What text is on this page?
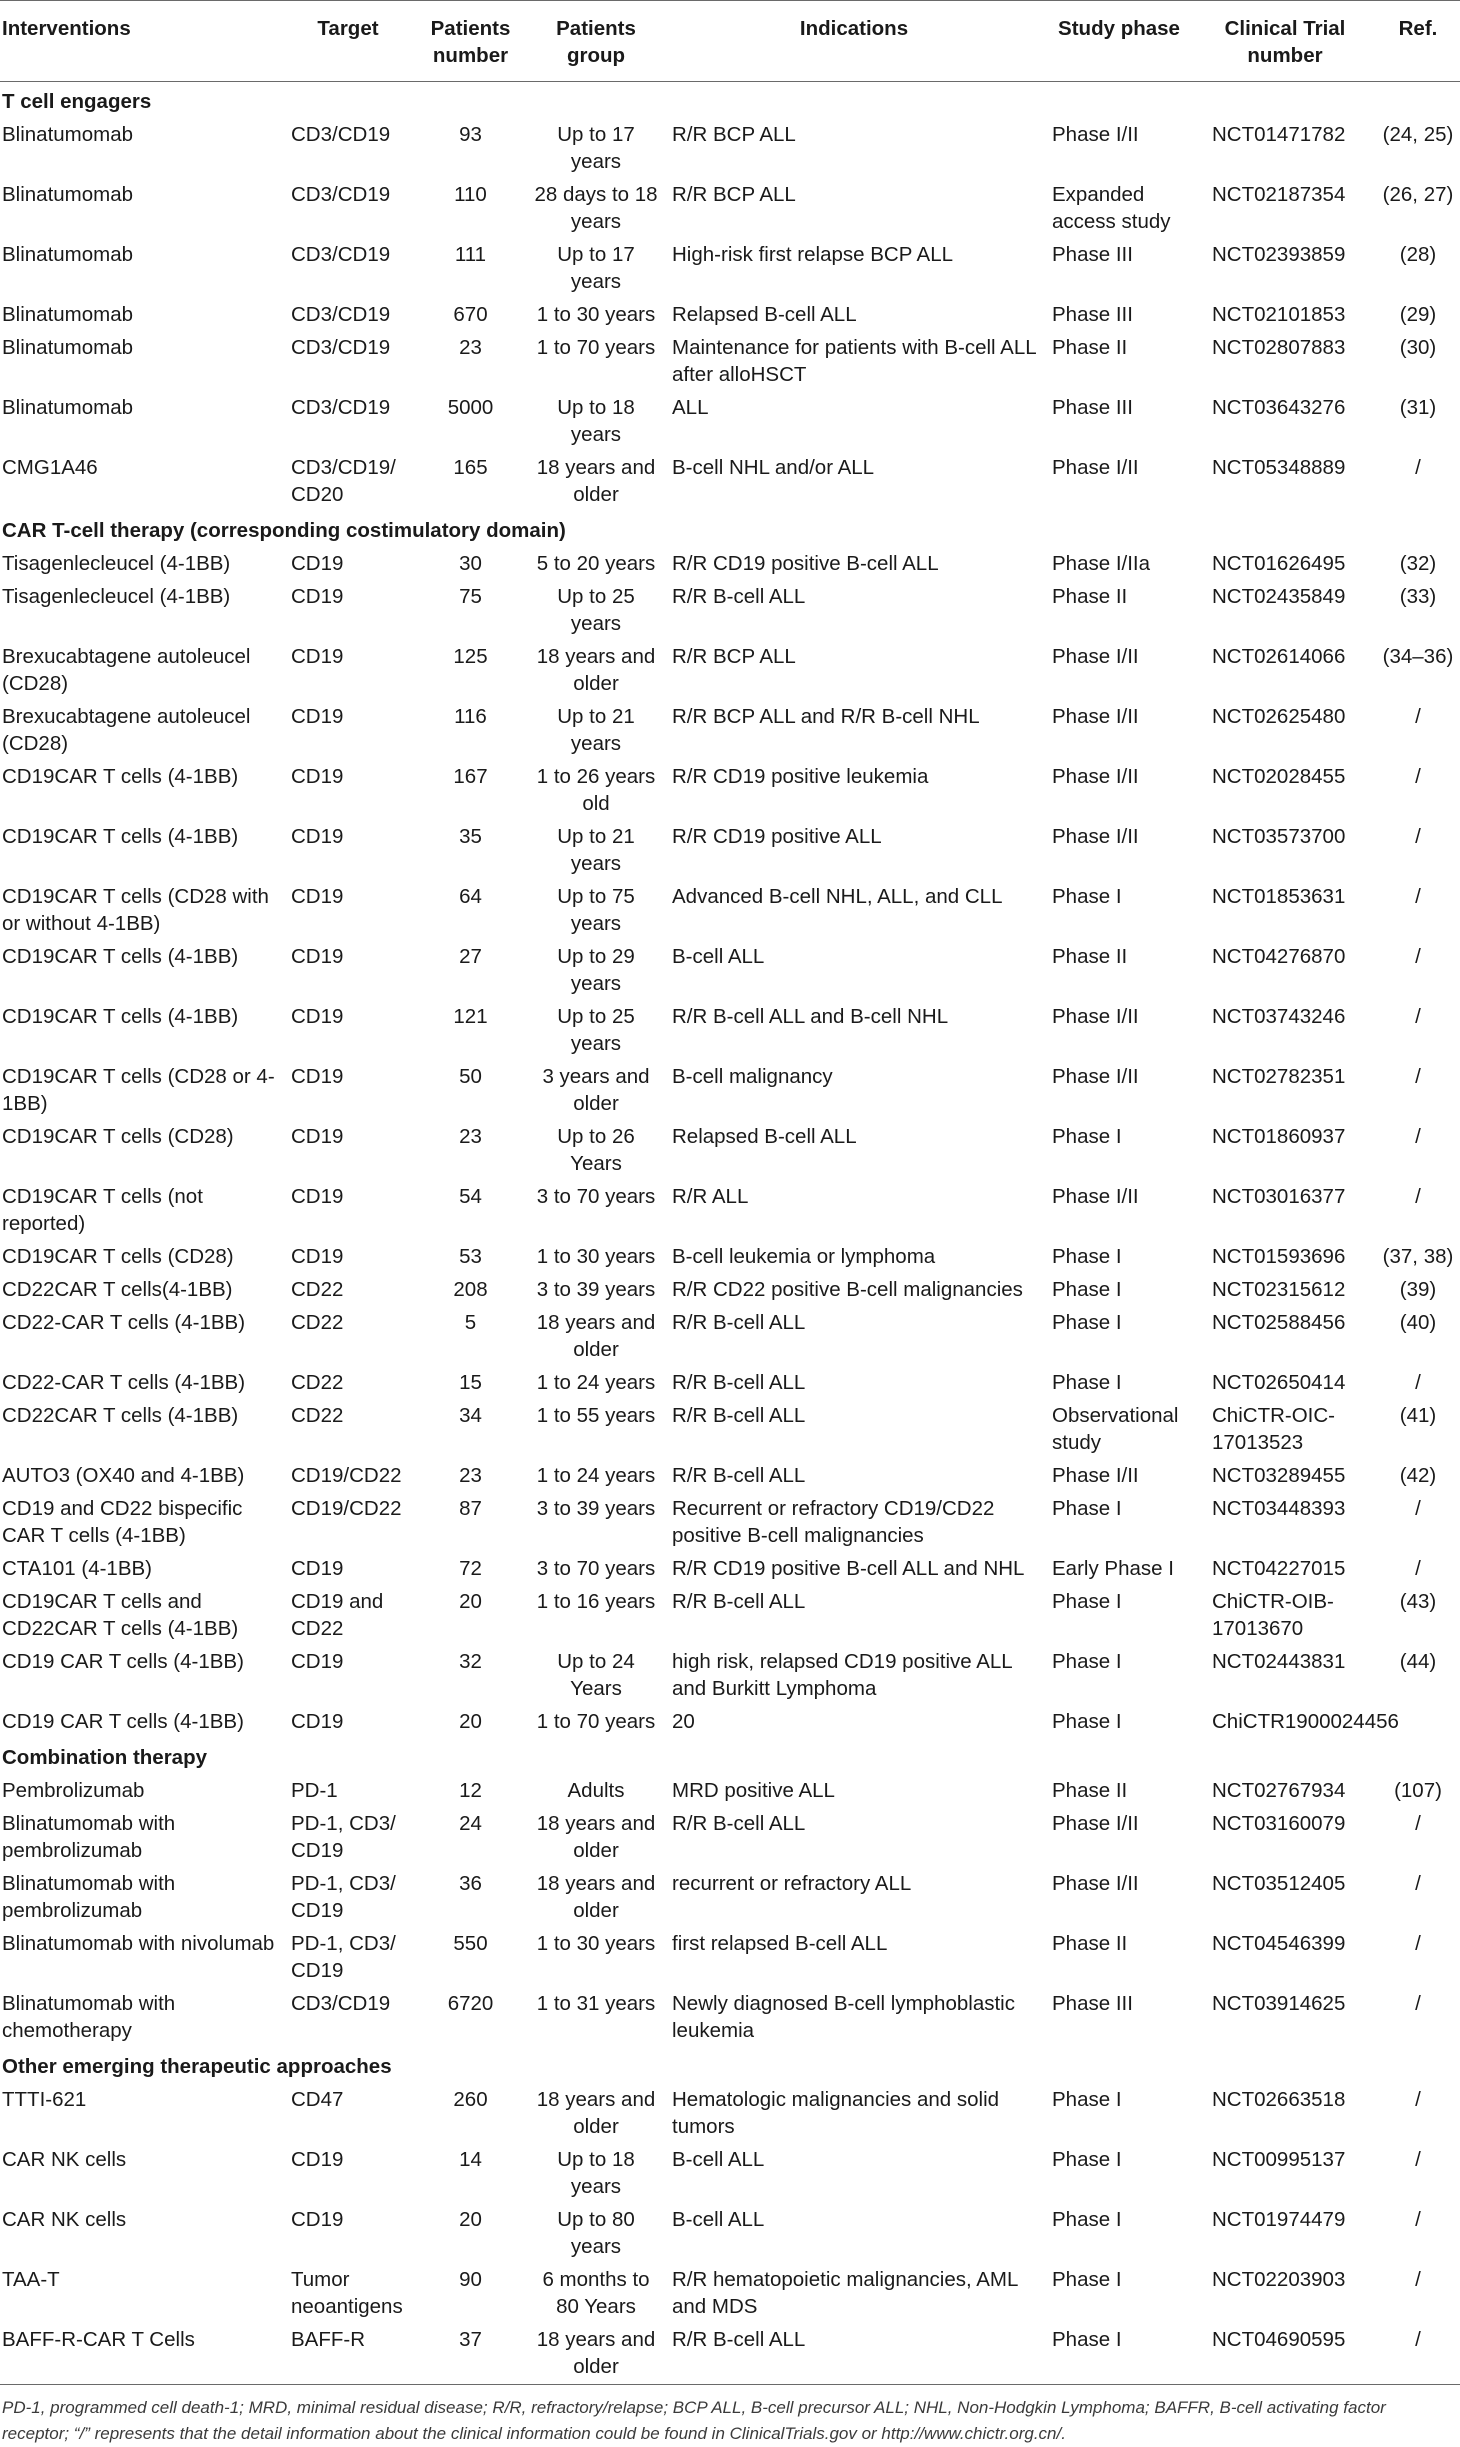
Interventions	Target	Patients number	Patients group	Indications	Study phase	Clinical Trial number	Ref.
T cell engagers							
Blinatumomab	CD3/CD19	93	Up to 17 years	R/R BCP ALL	Phase I/II	NCT01471782	(24, 25)
Blinatumomab	CD3/CD19	110	28 days to 18 years	R/R BCP ALL	Expanded access study	NCT02187354	(26, 27)
Blinatumomab	CD3/CD19	111	Up to 17 years	High-risk first relapse BCP ALL	Phase III	NCT02393859	(28)
Blinatumomab	CD3/CD19	670	1 to 30 years	Relapsed B-cell ALL	Phase III	NCT02101853	(29)
Blinatumomab	CD3/CD19	23	1 to 70 years	Maintenance for patients with B-cell ALL after alloHSCT	Phase II	NCT02807883	(30)
Blinatumomab	CD3/CD19	5000	Up to 18 years	ALL	Phase III	NCT03643276	(31)
CMG1A46	CD3/CD19/ CD20	165	18 years and older	B-cell NHL and/or ALL	Phase I/II	NCT05348889	/
CAR T-cell therapy (corresponding costimulatory domain)							
Tisagenlecleucel (4-1BB)	CD19	30	5 to 20 years	R/R CD19 positive B-cell ALL	Phase I/IIa	NCT01626495	(32)
Tisagenlecleucel (4-1BB)	CD19	75	Up to 25 years	R/R B-cell ALL	Phase II	NCT02435849	(33)
Brexucabtagene autoleucel (CD28)	CD19	125	18 years and older	R/R BCP ALL	Phase I/II	NCT02614066	(34–36)
Brexucabtagene autoleucel (CD28)	CD19	116	Up to 21 years	R/R BCP ALL and R/R B-cell NHL	Phase I/II	NCT02625480	/
CD19CAR T cells (4-1BB)	CD19	167	1 to 26 years old	R/R CD19 positive leukemia	Phase I/II	NCT02028455	/
CD19CAR T cells (4-1BB)	CD19	35	Up to 21 years	R/R CD19 positive ALL	Phase I/II	NCT03573700	/
CD19CAR T cells (CD28 with or without 4-1BB)	CD19	64	Up to 75 years	Advanced B-cell NHL, ALL, and CLL	Phase I	NCT01853631	/
CD19CAR T cells (4-1BB)	CD19	27	Up to 29 years	B-cell ALL	Phase II	NCT04276870	/
CD19CAR T cells (4-1BB)	CD19	121	Up to 25 years	R/R B-cell ALL and B-cell NHL	Phase I/II	NCT03743246	/
CD19CAR T cells (CD28 or 4-1BB)	CD19	50	3 years and older	B-cell malignancy	Phase I/II	NCT02782351	/
CD19CAR T cells (CD28)	CD19	23	Up to 26 Years	Relapsed B-cell ALL	Phase I	NCT01860937	/
CD19CAR T cells (not reported)	CD19	54	3 to 70 years	R/R ALL	Phase I/II	NCT03016377	/
CD19CAR T cells (CD28)	CD19	53	1 to 30 years	B-cell leukemia or lymphoma	Phase I	NCT01593696	(37, 38)
CD22CAR T cells(4-1BB)	CD22	208	3 to 39 years	R/R CD22 positive B-cell malignancies	Phase I	NCT02315612	(39)
CD22-CAR T cells (4-1BB)	CD22	5	18 years and older	R/R B-cell ALL	Phase I	NCT02588456	(40)
CD22-CAR T cells (4-1BB)	CD22	15	1 to 24 years	R/R B-cell ALL	Phase I	NCT02650414	/
CD22CAR T cells (4-1BB)	CD22	34	1 to 55 years	R/R B-cell ALL	Observational study	ChiCTR-OIC-17013523	(41)
AUTO3 (OX40 and 4-1BB)	CD19/CD22	23	1 to 24 years	R/R B-cell ALL	Phase I/II	NCT03289455	(42)
CD19 and CD22 bispecific CAR T cells (4-1BB)	CD19/CD22	87	3 to 39 years	Recurrent or refractory CD19/CD22 positive B-cell malignancies	Phase I	NCT03448393	/
CTA101 (4-1BB)	CD19	72	3 to 70 years	R/R CD19 positive B-cell ALL and NHL	Early Phase I	NCT04227015	/
CD19CAR T cells and CD22CAR T cells (4-1BB)	CD19 and CD22	20	1 to 16 years	R/R B-cell ALL	Phase I	ChiCTR-OIB-17013670	(43)
CD19 CAR T cells (4-1BB)	CD19	32	Up to 24 Years	high risk, relapsed CD19 positive ALL and Burkitt Lymphoma	Phase I	NCT02443831	(44)
CD19 CAR T cells (4-1BB)	CD19	20	1 to 70 years	20	Phase I	ChiCTR1900024456	
Combination therapy							
Pembrolizumab	PD-1	12	Adults	MRD positive ALL	Phase II	NCT02767934	(107)
Blinatumomab with pembrolizumab	PD-1, CD3/ CD19	24	18 years and older	R/R B-cell ALL	Phase I/II	NCT03160079	/
Blinatumomab with pembrolizumab	PD-1, CD3/ CD19	36	18 years and older	recurrent or refractory ALL	Phase I/II	NCT03512405	/
Blinatumomab with nivolumab	PD-1, CD3/ CD19	550	1 to 30 years	first relapsed B-cell ALL	Phase II	NCT04546399	/
Blinatumomab with chemotherapy	CD3/CD19	6720	1 to 31 years	Newly diagnosed B-cell lymphoblastic leukemia	Phase III	NCT03914625	/
Other emerging therapeutic approaches							
TTTI-621	CD47	260	18 years and older	Hematologic malignancies and solid tumors	Phase I	NCT02663518	/
CAR NK cells	CD19	14	Up to 18 years	B-cell ALL	Phase I	NCT00995137	/
CAR NK cells	CD19	20	Up to 80 years	B-cell ALL	Phase I	NCT01974479	/
TAA-T	Tumor neoantigens	90	6 months to 80 Years	R/R hematopoietic malignancies, AML and MDS	Phase I	NCT02203903	/
BAFF-R-CAR T Cells	BAFF-R	37	18 years and older	R/R B-cell ALL	Phase I	NCT04690595	/
PD-1, programmed cell death-1; MRD, minimal residual disease; R/R, refractory/relapse; BCP ALL, B-cell precursor ALL; NHL, Non-Hodgkin Lymphoma; BAFFR, B-cell activating factor receptor; “/” represents that the detail information about the clinical information could be found in ClinicalTrials.gov or http://www.chictr.org.cn/.
